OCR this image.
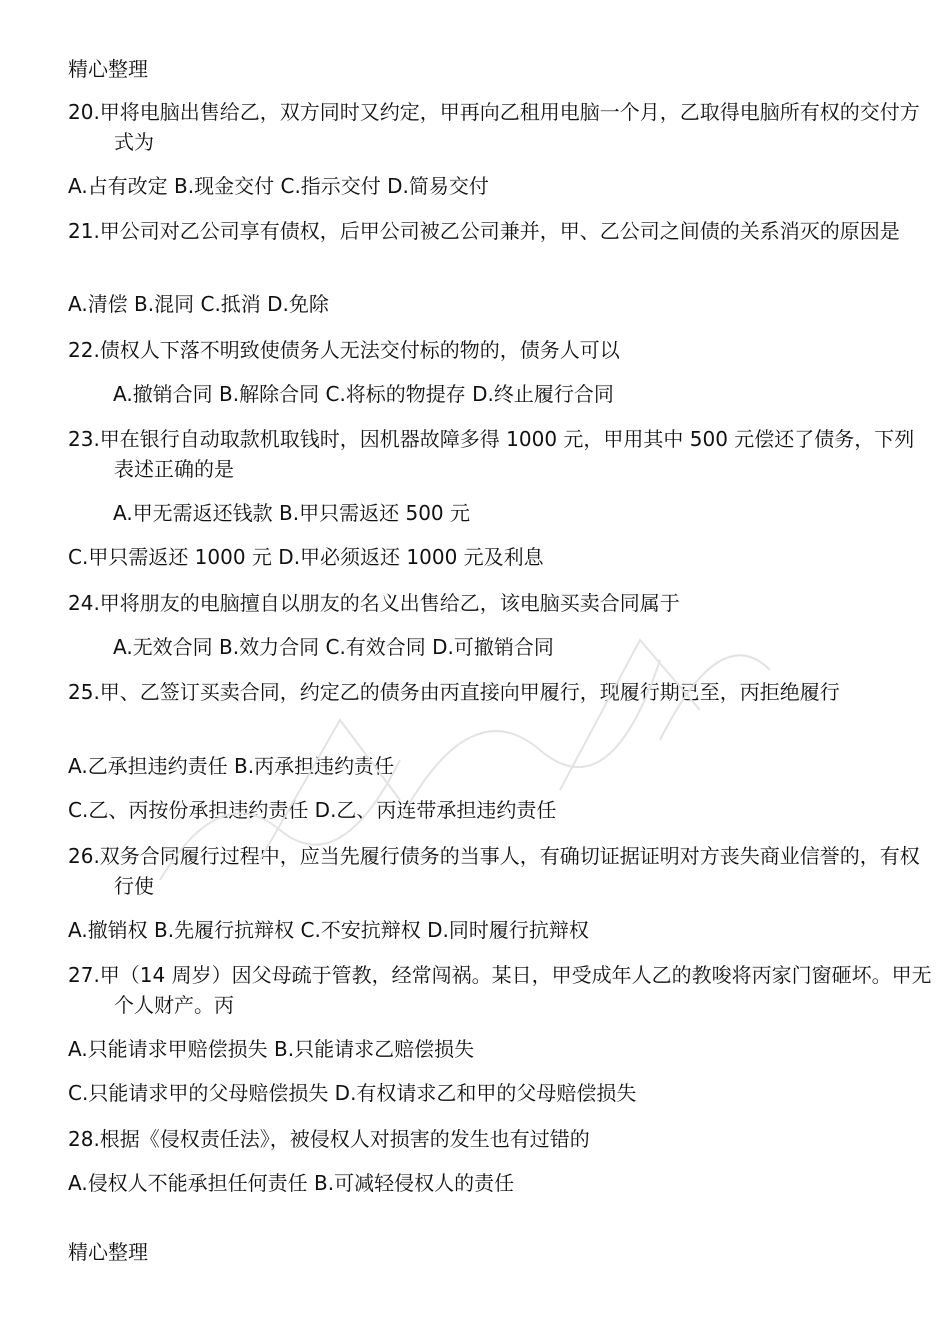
精心整理
20.甲将电脑出售给乙，双方同时又约定，甲再向乙租用电脑一个月，乙取得电脑所有权的交付方式为
A.占有改定 B.现金交付 C.指示交付 D.简易交付
21.甲公司对乙公司享有债权，后甲公司被乙公司兼并，甲、乙公司之间债的关系消灭的原因是
A.清偿 B.混同 C.抵消 D.免除
22.债权人下落不明致使债务人无法交付标的物的，债务人可以
A.撤销合同 B.解除合同 C.将标的物提存 D.终止履行合同
23.甲在银行自动取款机取钱时，因机器故障多得 1000 元，甲用其中 500 元偿还了债务，下列表述正确的是
A.甲无需返还钱款 B.甲只需返还 500 元
C.甲只需返还 1000 元 D.甲必须返还 1000 元及利息
24.甲将朋友的电脑擅自以朋友的名义出售给乙，该电脑买卖合同属于
A.无效合同 B.效力合同 C.有效合同 D.可撤销合同
25.甲、乙签订买卖合同，约定乙的债务由丙直接向甲履行，现履行期已至，丙拒绝履行
A.乙承担违约责任 B.丙承担违约责任
C.乙、丙按份承担违约责任 D.乙、丙连带承担违约责任
26.双务合同履行过程中，应当先履行债务的当事人，有确切证据证明对方丧失商业信誉的，有权行使
A.撤销权 B.先履行抗辩权 C.不安抗辩权 D.同时履行抗辩权
27.甲（14 周岁）因父母疏于管教，经常闯祸。某日，甲受成年人乙的教唆将丙家门窗砸坏。甲无个人财产。丙
A.只能请求甲赔偿损失 B.只能请求乙赔偿损失
C.只能请求甲的父母赔偿损失 D.有权请求乙和甲的父母赔偿损失
28.根据《侵权责任法》，被侵权人对损害的发生也有过错的
A.侵权人不能承担任何责任 B.可减轻侵权人的责任
精心整理
